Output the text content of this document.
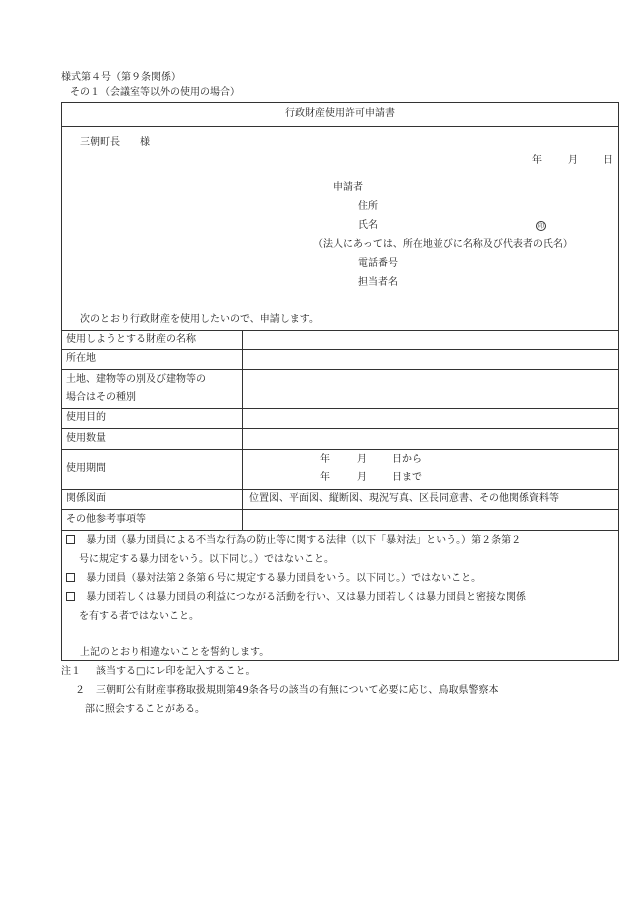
様式第４号（第９条関係）
その１（会議室等以外の使用の場合）
行政財産使用許可申請書
三朝町長　　様
年	月	日
申請者
住所
氏名	印
（法人にあっては、所在地並びに名称及び代表者の氏名）
電話番号
担当者名
次のとおり行政財産を使用したいので、申請します。
使用しようとする財産の名称
所在地
土地、建物等の別及び建物等の
場合はその種別
使用目的
使用数量
使用期間
年	月	日から
年	月	日まで
関係図面	位置図、平面図、縦断図、現況写真、区長同意書、その他関係資料等
その他参考事項等
暴力団（暴力団員による不当な行為の防止等に関する法律（以下「暴対法」という。）第２条第２
号に規定する暴力団をいう。以下同じ。）ではないこと。
暴力団員（暴対法第２条第６号に規定する暴力団員をいう。以下同じ。）ではないこと。
暴力団若しくは暴力団員の利益につながる活動を行い、又は暴力団若しくは暴力団員と密接な関係
を有する者ではないこと。
上記のとおり相違ないことを誓約します。
注１ 該当する□にレ印を記入すること。
２ 三朝町公有財産事務取扱規則第49条各号の該当の有無について必要に応じ、鳥取県警察本
部に照会することがある。
